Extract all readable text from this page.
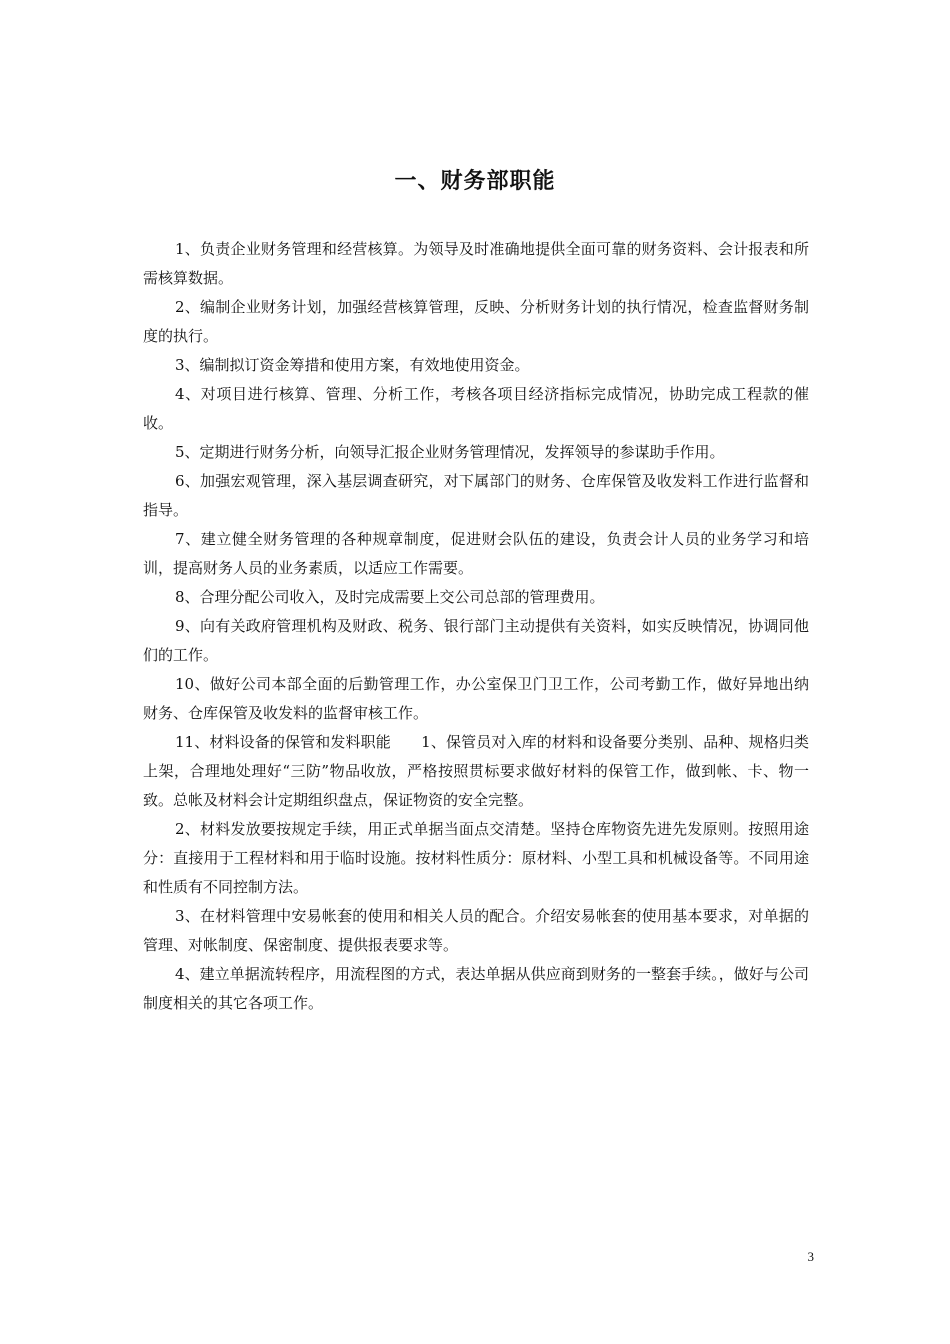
一、财务部职能

1、负责企业财务管理和经营核算。为领导及时准确地提供全面可靠的财务资料、会计报表和所需核算数据。

2、编制企业财务计划，加强经营核算管理，反映、分析财务计划的执行情况，检查监督财务制度的执行。

3、编制拟订资金筹措和使用方案，有效地使用资金。

4、对项目进行核算、管理、分析工作，考核各项目经济指标完成情况，协助完成工程款的催收。

5、定期进行财务分析，向领导汇报企业财务管理情况，发挥领导的参谋助手作用。

6、加强宏观管理，深入基层调查研究，对下属部门的财务、仓库保管及收发料工作进行监督和指导。

7、建立健全财务管理的各种规章制度，促进财会队伍的建设，负责会计人员的业务学习和培训，提高财务人员的业务素质，以适应工作需要。

8、合理分配公司收入，及时完成需要上交公司总部的管理费用。

9、向有关政府管理机构及财政、税务、银行部门主动提供有关资料，如实反映情况，协调同他们的工作。

10、做好公司本部全面的后勤管理工作，办公室保卫门卫工作，公司考勤工作，做好异地出纳财务、仓库保管及收发料的监督审核工作。

11、材料设备的保管和发料职能　　1、保管员对入库的材料和设备要分类别、品种、规格归类上架，合理地处理好“三防”物品收放，严格按照贯标要求做好材料的保管工作，做到帐、卡、物一致。总帐及材料会计定期组织盘点，保证物资的安全完整。

2、材料发放要按规定手续，用正式单据当面点交清楚。坚持仓库物资先进先发原则。按照用途分：直接用于工程材料和用于临时设施。按材料性质分：原材料、小型工具和机械设备等。不同用途和性质有不同控制方法。

3、在材料管理中安易帐套的使用和相关人员的配合。介绍安易帐套的使用基本要求，对单据的管理、对帐制度、保密制度、提供报表要求等。

4、建立单据流转程序，用流程图的方式，表达单据从供应商到财务的一整套手续。，做好与公司制度相关的其它各项工作。

3
